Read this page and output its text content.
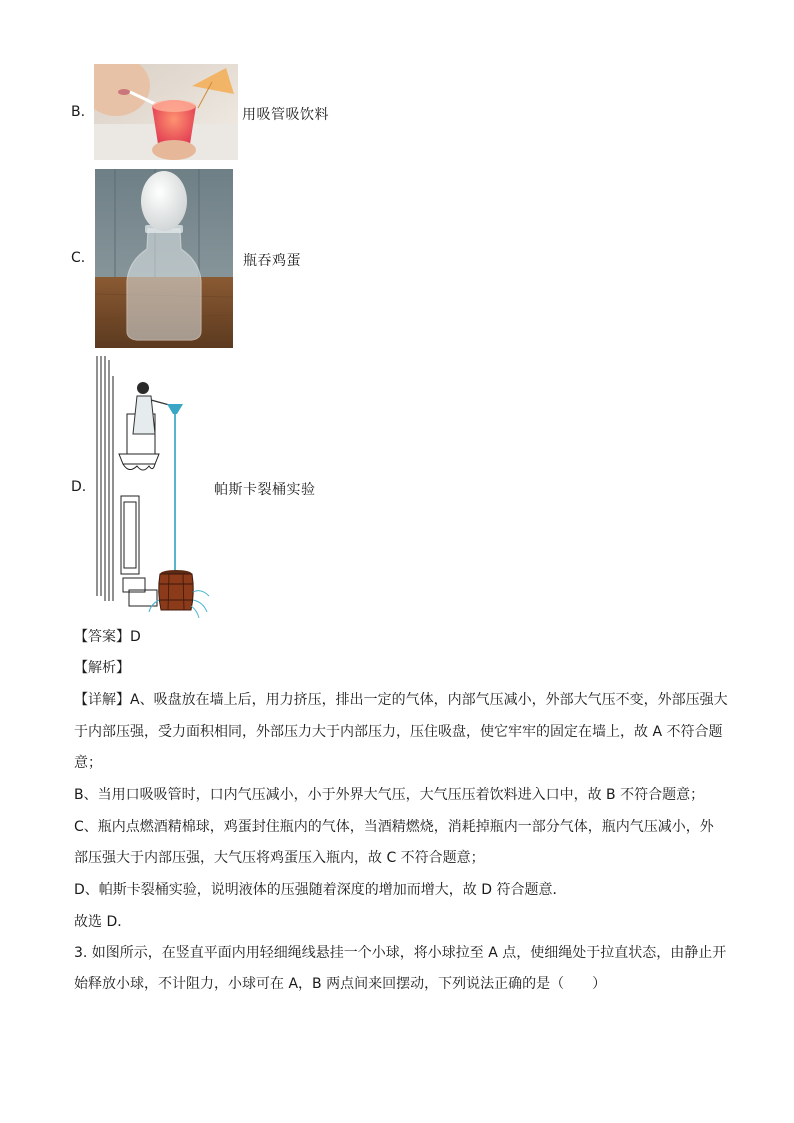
B.	用吸管吸饮料
C.	瓶吞鸡蛋
D.	帕斯卡裂桶实验
【答案】D
【解析】
【详解】A、吸盘放在墙上后，用力挤压，排出一定的气体，内部气压减小，外部大气压不变，外部压强大
于内部压强，受力面积相同，外部压力大于内部压力，压住吸盘，使它牢牢的固定在墙上，故 A 不符合题
意；
B、当用口吸吸管时，口内气压减小，小于外界大气压，大气压压着饮料进入口中，故 B 不符合题意；
C、瓶内点燃酒精棉球，鸡蛋封住瓶内的气体，当酒精燃烧，消耗掉瓶内一部分气体，瓶内气压减小，外
部压强大于内部压强，大气压将鸡蛋压入瓶内，故 C 不符合题意；
D、帕斯卡裂桶实验，说明液体的压强随着深度的增加而增大，故 D 符合题意．
故选 D．
3. 如图所示，在竖直平面内用轻细绳线悬挂一个小球，将小球拉至 A 点，使细绳处于拉直状态，由静止开
始释放小球，不计阻力，小球可在 A，B 两点间来回摆动，下列说法正确的是（　　）
